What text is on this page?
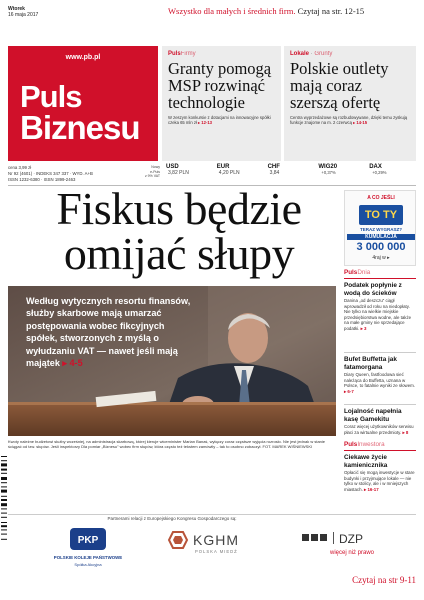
Wtorek
16 maja 2017	Wszystko dla małych i średnich firm. Czytaj na str. 12-15
www.pb.pl
Puls
Biznesu
PulsFirmy
Granty pomogą MSP rozwinąć technologie
W zeszym konkursie z dotacjami na innowacyjne spółki czeka 65 mln zł ▸ 12-13
Lokale · Grunty
Polskie outlety mają coraz szerszą ofertę
Centra wyprzedażowe są rozbudowywane, dzięki temu zyskują funkcje znajome na m. 2 czerwcą ▸ 14-15
cena 3,99 zł
Nr 92 (4601) · INDEKS 347 337 · WYD. A+B
ISSN 1232-6380 · ISSN 1899-2463
Nowy
e-Puls
z 9% VAT
USD
3,82 PLN
EUR
4,20 PLN
CHF
3,84
WIG20
+0,37%
DAX
+0,29%
Fiskus będzie omijać słupy
Według wytycznych resortu finansów, służby skarbowe mają umarzać postępowania wobec fikcyjnych spółek, stworzonych z myślą o wyłudzaniu VAT — nawet jeśli mają majątek ▸ 4-5
Kwoty należne budżetowi służby wcześniej, na administracja skarbową, której kieruje wiceminister Marian Banaś, wyłączy coraz częstsze wyjęcia rozrosło. Nie jest jednak w stanie ściągać od tzw. słupów. Jeśli inspektorzy Dla pomiar „Biznesu” wobec firm słupów, która często też tekstem zamówiły – tak to osobno zobaczył. FOT. MAREK WIŚNIEWSKI
A CO JEŚLI
TO TY
TERAZ WYGRASZ?
KUMULACJA
3 000 000
4raj w ▸
PulsDnia
Podatek popłynie z wodą do ścieków
Danina „od deszczu” ciągł wprowadził od roku na niedopłaty. Nie tylko na wielkie miejskie przedsiębiorstwa wodne, ale także na małe gminy nie sprzedające podatki. ▸ 3
Bufet Buffetta jak fatamorgana
Diary Queen, fastfoodowa sieć należąca do Buffetta, uznana w Polsce, to fatalnie wyniki ze słowem. ▸ 6-7
Lojalność napełnia kasę Gamekitu
Coraz więcej użytkowników serwisu płaci za wirtualne przedmioty. ▸ 8
PulsInwestora
Ciekawe życie kamienicznika
Opłacić się mogą inwestycje w stare budynki i przyjmujące lokale — nie tylko w stolicy, ale i w mniejszych miastach. ▸ 16-17
Partnerami relacji z Europejskiego Kongresu Gospodarczego są:
PKP
POLSKIE KOLEJE PAŃSTWOWE
Spółka Akcyjna
KGHM
POLSKA MIEDŹ
DZP
więcej niż prawo
Czytaj na str 9-11
